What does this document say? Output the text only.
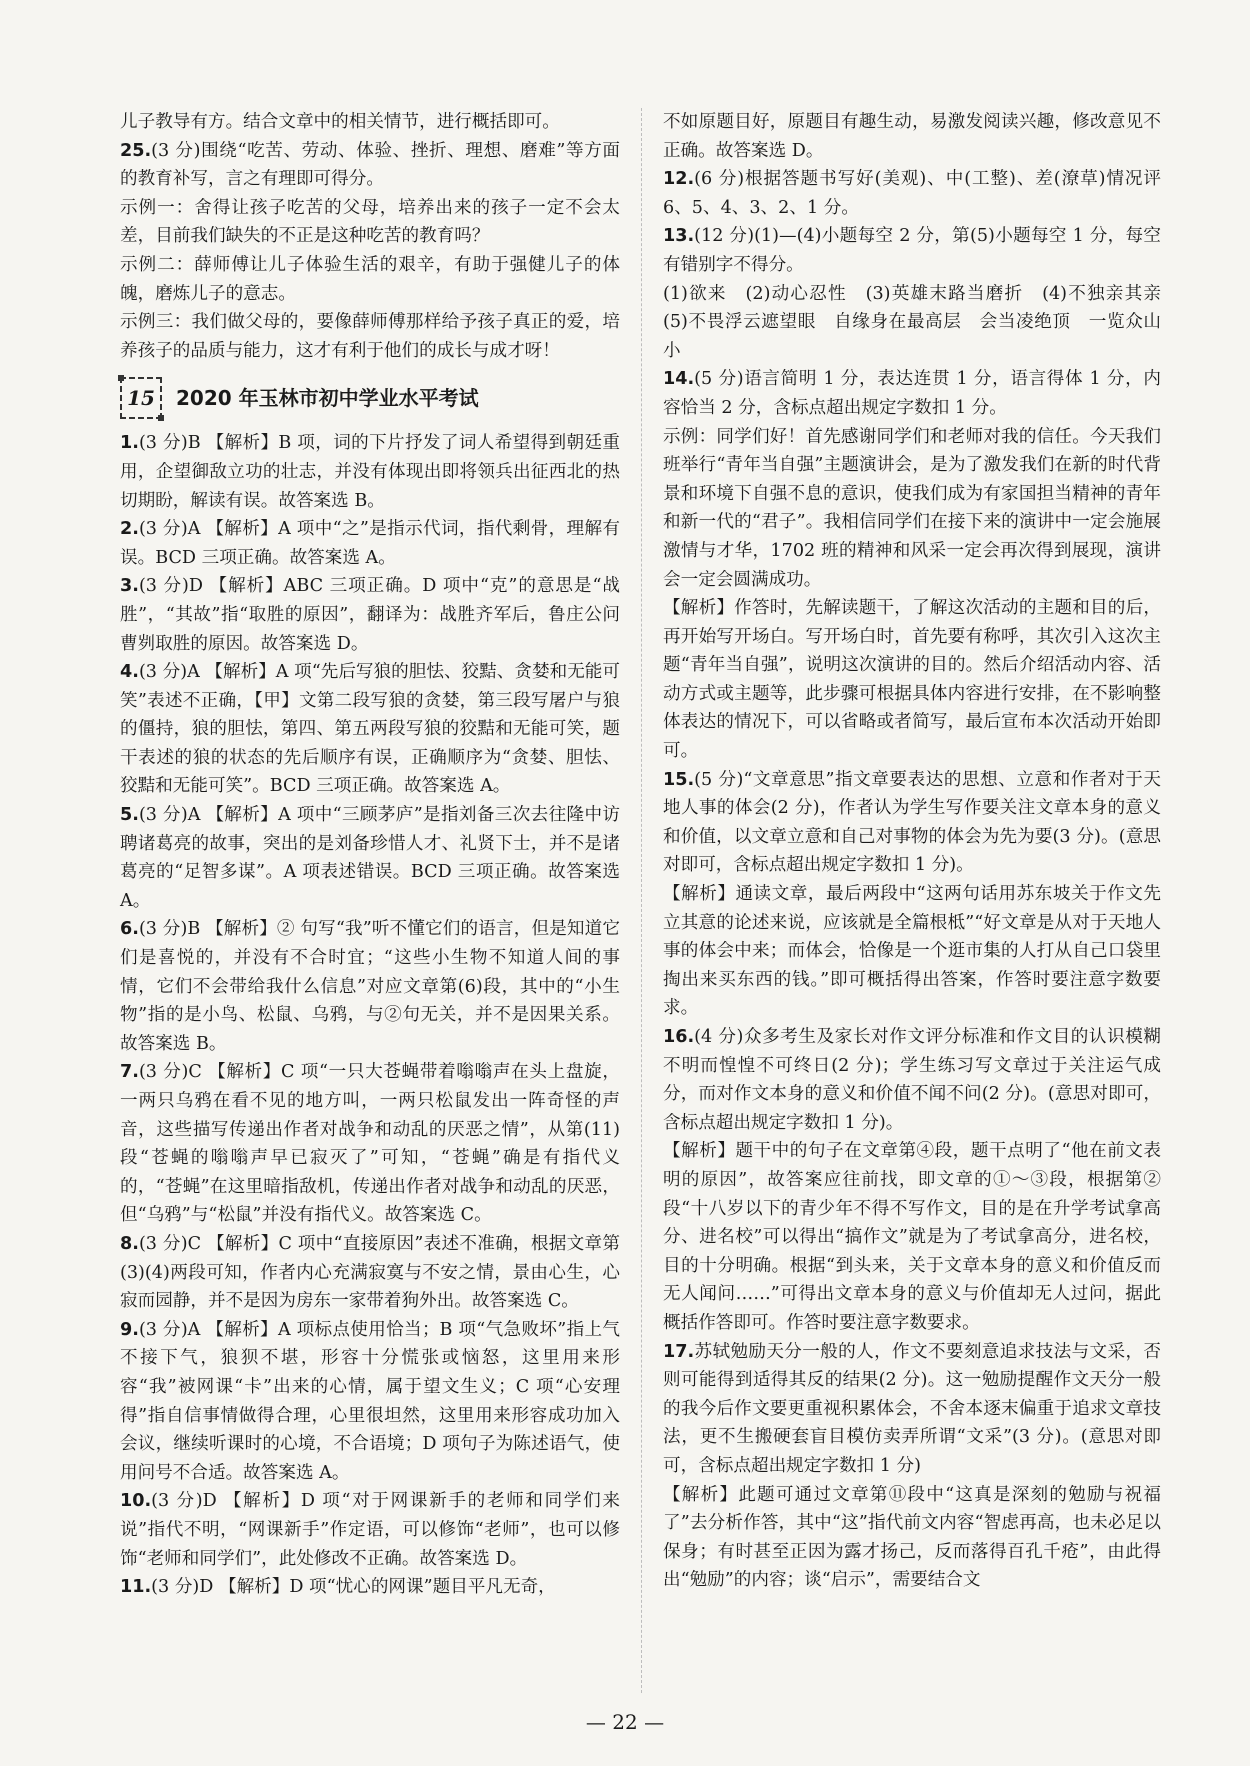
儿子教导有方。结合文章中的相关情节，进行概括即可。

25.(3 分)围绕“吃苦、劳动、体验、挫折、理想、磨难”等方面的教育补写，言之有理即可得分。

示例一：舍得让孩子吃苦的父母，培养出来的孩子一定不会太差，目前我们缺失的不正是这种吃苦的教育吗？

示例二：薛师傅让儿子体验生活的艰辛，有助于强健儿子的体魄，磨炼儿子的意志。

示例三：我们做父母的，要像薛师傅那样给予孩子真正的爱，培养孩子的品质与能力，这才有利于他们的成长与成才呀！

15 2020 年玉林市初中学业水平考试

1.(3 分)B 【解析】B 项，词的下片抒发了词人希望得到朝廷重用，企望御敌立功的壮志，并没有体现出即将领兵出征西北的热切期盼，解读有误。故答案选 B。

2.(3 分)A 【解析】A 项中“之”是指示代词，指代剩骨，理解有误。BCD 三项正确。故答案选 A。

3.(3 分)D 【解析】ABC 三项正确。D 项中“克”的意思是“战胜”，“其故”指“取胜的原因”，翻译为：战胜齐军后，鲁庄公问曹刿取胜的原因。故答案选 D。

4.(3 分)A 【解析】A 项“先后写狼的胆怯、狡黠、贪婪和无能可笑”表述不正确，【甲】文第二段写狼的贪婪，第三段写屠户与狼的僵持，狼的胆怯，第四、第五两段写狼的狡黠和无能可笑，题干表述的狼的状态的先后顺序有误，正确顺序为“贪婪、胆怯、狡黠和无能可笑”。BCD 三项正确。故答案选 A。

5.(3 分)A 【解析】A 项中“三顾茅庐”是指刘备三次去往隆中访聘诸葛亮的故事，突出的是刘备珍惜人才、礼贤下士，并不是诸葛亮的“足智多谋”。A 项表述错误。BCD 三项正确。故答案选 A。

6.(3 分)B 【解析】② 句写“我”听不懂它们的语言，但是知道它们是喜悦的，并没有不合时宜；“这些小生物不知道人间的事情，它们不会带给我什么信息”对应文章第(6)段，其中的“小生物”指的是小鸟、松鼠、乌鸦，与②句无关，并不是因果关系。故答案选 B。

7.(3 分)C 【解析】C 项“一只大苍蝇带着嗡嗡声在头上盘旋，一两只乌鸦在看不见的地方叫，一两只松鼠发出一阵奇怪的声音，这些描写传递出作者对战争和动乱的厌恶之情”，从第(11)段“苍蝇的嗡嗡声早已寂灭了”可知，“苍蝇”确是有指代义的，“苍蝇”在这里暗指敌机，传递出作者对战争和动乱的厌恶，但“乌鸦”与“松鼠”并没有指代义。故答案选 C。

8.(3 分)C 【解析】C 项中“直接原因”表述不准确，根据文章第(3)(4)两段可知，作者内心充满寂寞与不安之情，景由心生，心寂而园静，并不是因为房东一家带着狗外出。故答案选 C。

9.(3 分)A 【解析】A 项标点使用恰当；B 项“气急败坏”指上气不接下气，狼狈不堪，形容十分慌张或恼怒，这里用来形容“我”被网课“卡”出来的心情，属于望文生义；C 项“心安理得”指自信事情做得合理，心里很坦然，这里用来形容成功加入会议，继续听课时的心境，不合语境；D 项句子为陈述语气，使用问号不合适。故答案选 A。

10.(3 分)D 【解析】D 项“对于网课新手的老师和同学们来说”指代不明，“网课新手”作定语，可以修饰“老师”，也可以修饰“老师和同学们”，此处修改不正确。故答案选 D。

11.(3 分)D 【解析】D 项“忧心的网课”题目平凡无奇，

不如原题目好，原题目有趣生动，易激发阅读兴趣，修改意见不正确。故答案选 D。

12.(6 分)根据答题书写好(美观)、中(工整)、差(潦草)情况评 6、5、4、3、2、1 分。

13.(12 分)(1)—(4)小题每空 2 分，第(5)小题每空 1 分，每空有错别字不得分。

(1)欲来　(2)动心忍性　(3)英雄末路当磨折　(4)不独亲其亲　(5)不畏浮云遮望眼　自缘身在最高层　会当凌绝顶　一览众山小

14.(5 分)语言简明 1 分，表达连贯 1 分，语言得体 1 分，内容恰当 2 分，含标点超出规定字数扣 1 分。

示例：同学们好！首先感谢同学们和老师对我的信任。今天我们班举行“青年当自强”主题演讲会，是为了激发我们在新的时代背景和环境下自强不息的意识，使我们成为有家国担当精神的青年和新一代的“君子”。我相信同学们在接下来的演讲中一定会施展激情与才华，1702 班的精神和风采一定会再次得到展现，演讲会一定会圆满成功。

【解析】作答时，先解读题干，了解这次活动的主题和目的后，再开始写开场白。写开场白时，首先要有称呼，其次引入这次主题“青年当自强”，说明这次演讲的目的。然后介绍活动内容、活动方式或主题等，此步骤可根据具体内容进行安排，在不影响整体表达的情况下，可以省略或者简写，最后宣布本次活动开始即可。

15.(5 分)“文章意思”指文章要表达的思想、立意和作者对于天地人事的体会(2 分)，作者认为学生写作要关注文章本身的意义和价值，以文章立意和自己对事物的体会为先为要(3 分)。(意思对即可，含标点超出规定字数扣 1 分)。

【解析】通读文章，最后两段中“这两句话用苏东坡关于作文先立其意的论述来说，应该就是全篇根柢”“好文章是从对于天地人事的体会中来；而体会，恰像是一个逛市集的人打从自己口袋里掏出来买东西的钱。”即可概括得出答案，作答时要注意字数要求。

16.(4 分)众多考生及家长对作文评分标准和作文目的认识模糊不明而惶惶不可终日(2 分)；学生练习写文章过于关注运气成分，而对作文本身的意义和价值不闻不问(2 分)。(意思对即可，含标点超出规定字数扣 1 分)。

【解析】题干中的句子在文章第④段，题干点明了“他在前文表明的原因”，故答案应往前找，即文章的①～③段，根据第②段“十八岁以下的青少年不得不写作文，目的是在升学考试拿高分、进名校”可以得出“搞作文”就是为了考试拿高分，进名校，目的十分明确。根据“到头来，关于文章本身的意义和价值反而无人闻问……”可得出文章本身的意义与价值却无人过问，据此概括作答即可。作答时要注意字数要求。

17.苏轼勉励天分一般的人，作文不要刻意追求技法与文采，否则可能得到适得其反的结果(2 分)。这一勉励提醒作文天分一般的我今后作文要更重视积累体会，不舍本逐末偏重于追求文章技法，更不生搬硬套盲目模仿卖弄所谓“文采”(3 分)。(意思对即可，含标点超出规定字数扣 1 分)

【解析】此题可通过文章第⑪段中“这真是深刻的勉励与祝福了”去分析作答，其中“这”指代前文内容“智虑再高，也未必足以保身；有时甚至正因为露才扬己，反而落得百孔千疮”，由此得出“勉励”的内容；谈“启示”，需要结合文

— 22 —
